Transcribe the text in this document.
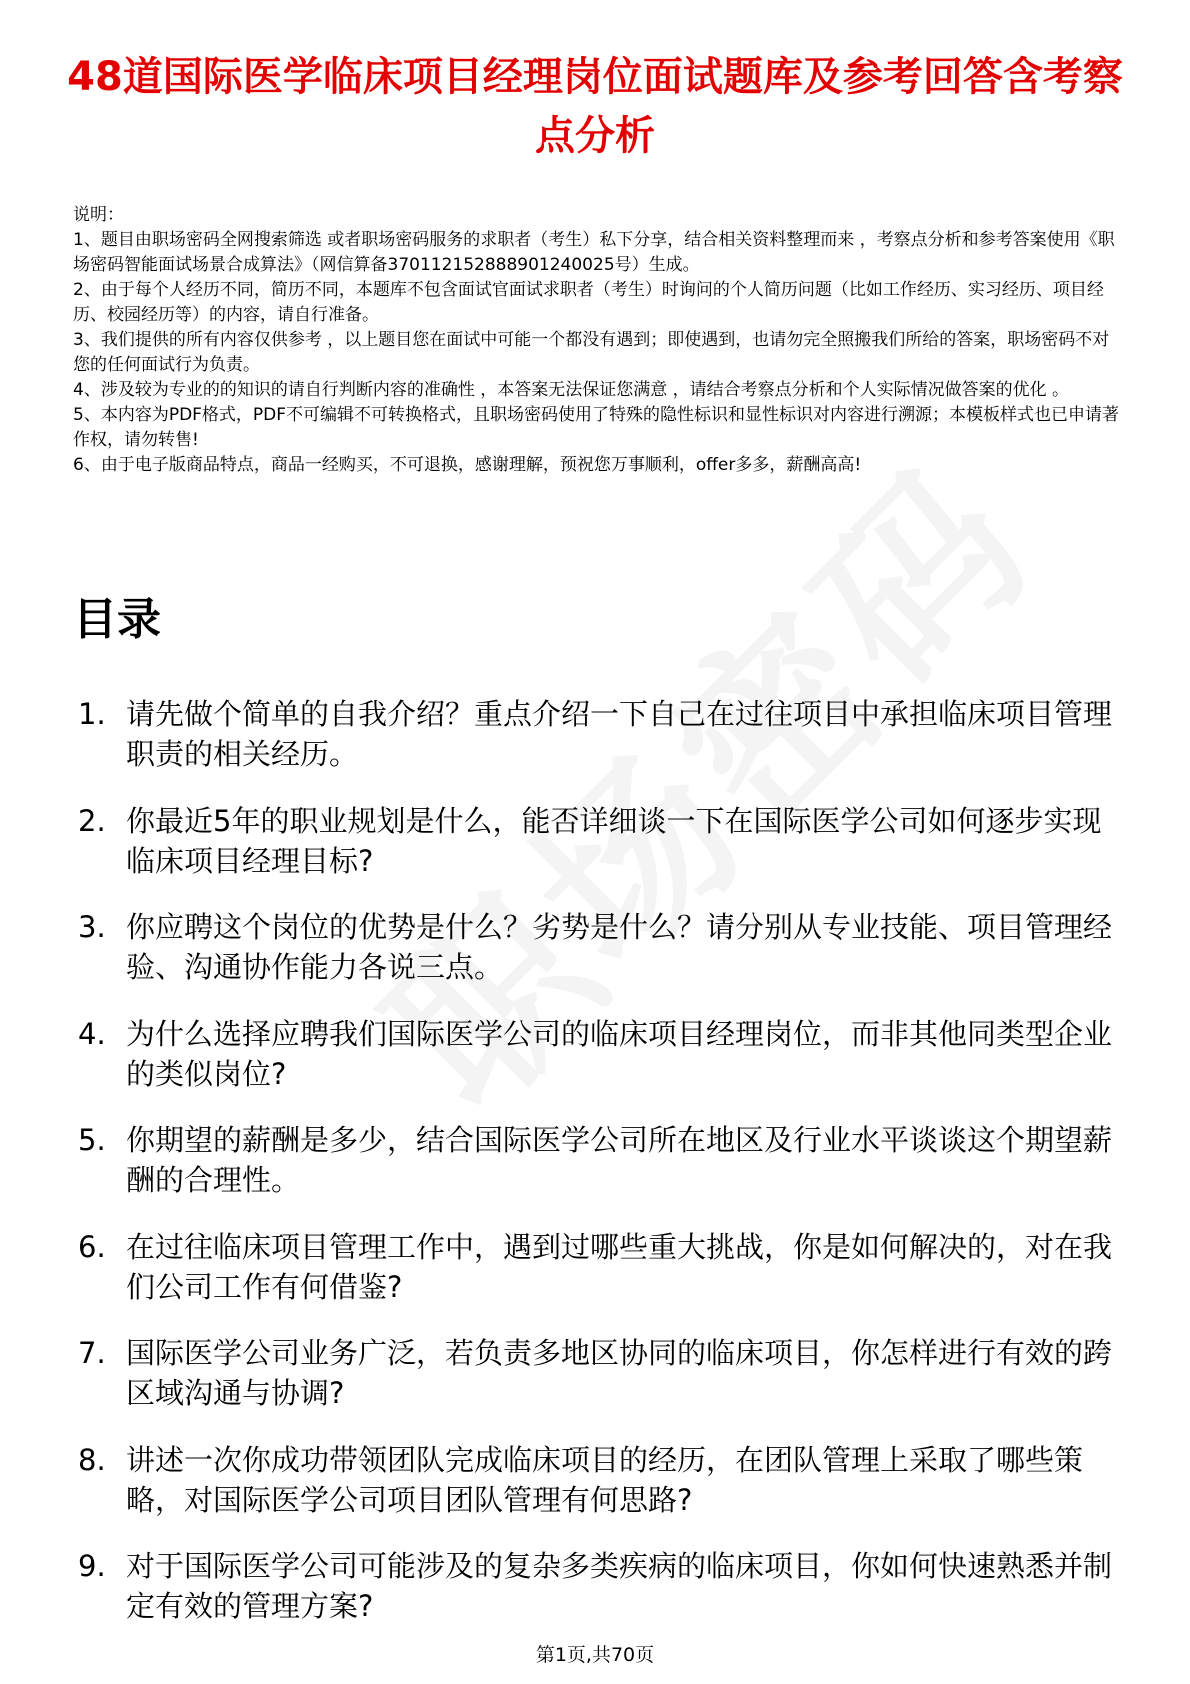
48道国际医学临床项目经理岗位面试题库及参考回答含考察点分析

说明：

1、题目由职场密码全网搜索筛选 或者职场密码服务的求职者（考生）私下分享，结合相关资料整理而来 ，考察点分析和参考答案使用《职场密码智能面试场景合成算法》（网信算备370112152888901240025号）生成。

2、由于每个人经历不同，简历不同，本题库不包含面试官面试求职者（考生）时询问的个人简历问题（比如工作经历、实习经历、项目经历、校园经历等）的内容，请自行准备。

3、我们提供的所有内容仅供参考 ，以上题目您在面试中可能一个都没有遇到；即使遇到，也请勿完全照搬我们所给的答案，职场密码不对您的任何面试行为负责。

4、涉及较为专业的的知识的请自行判断内容的准确性 ，本答案无法保证您满意 ，请结合考察点分析和个人实际情况做答案的优化 。

5、本内容为PDF格式，PDF不可编辑不可转换格式，且职场密码使用了特殊的隐性标识和显性标识对内容进行溯源；本模板样式也已申请著作权，请勿转售!

6、由于电子版商品特点，商品一经购买，不可退换，感谢理解，预祝您万事顺利，offer多多，薪酬高高!

目录
1. 请先做个简单的自我介绍？重点介绍一下自己在过往项目中承担临床项目管理职责的相关经历。
2. 你最近5年的职业规划是什么，能否详细谈一下在国际医学公司如何逐步实现临床项目经理目标?
3. 你应聘这个岗位的优势是什么？劣势是什么？请分别从专业技能、项目管理经验、沟通协作能力各说三点。
4. 为什么选择应聘我们国际医学公司的临床项目经理岗位，而非其他同类型企业的类似岗位?
5. 你期望的薪酬是多少，结合国际医学公司所在地区及行业水平谈谈这个期望薪酬的合理性。
6. 在过往临床项目管理工作中，遇到过哪些重大挑战，你是如何解决的，对在我们公司工作有何借鉴?
7. 国际医学公司业务广泛，若负责多地区协同的临床项目，你怎样进行有效的跨区域沟通与协调?
8. 讲述一次你成功带领团队完成临床项目的经历，在团队管理上采取了哪些策略，对国际医学公司项目团队管理有何思路?
9. 对于国际医学公司可能涉及的复杂多类疾病的临床项目，你如何快速熟悉并制定有效的管理方案?
第1页,共70页
